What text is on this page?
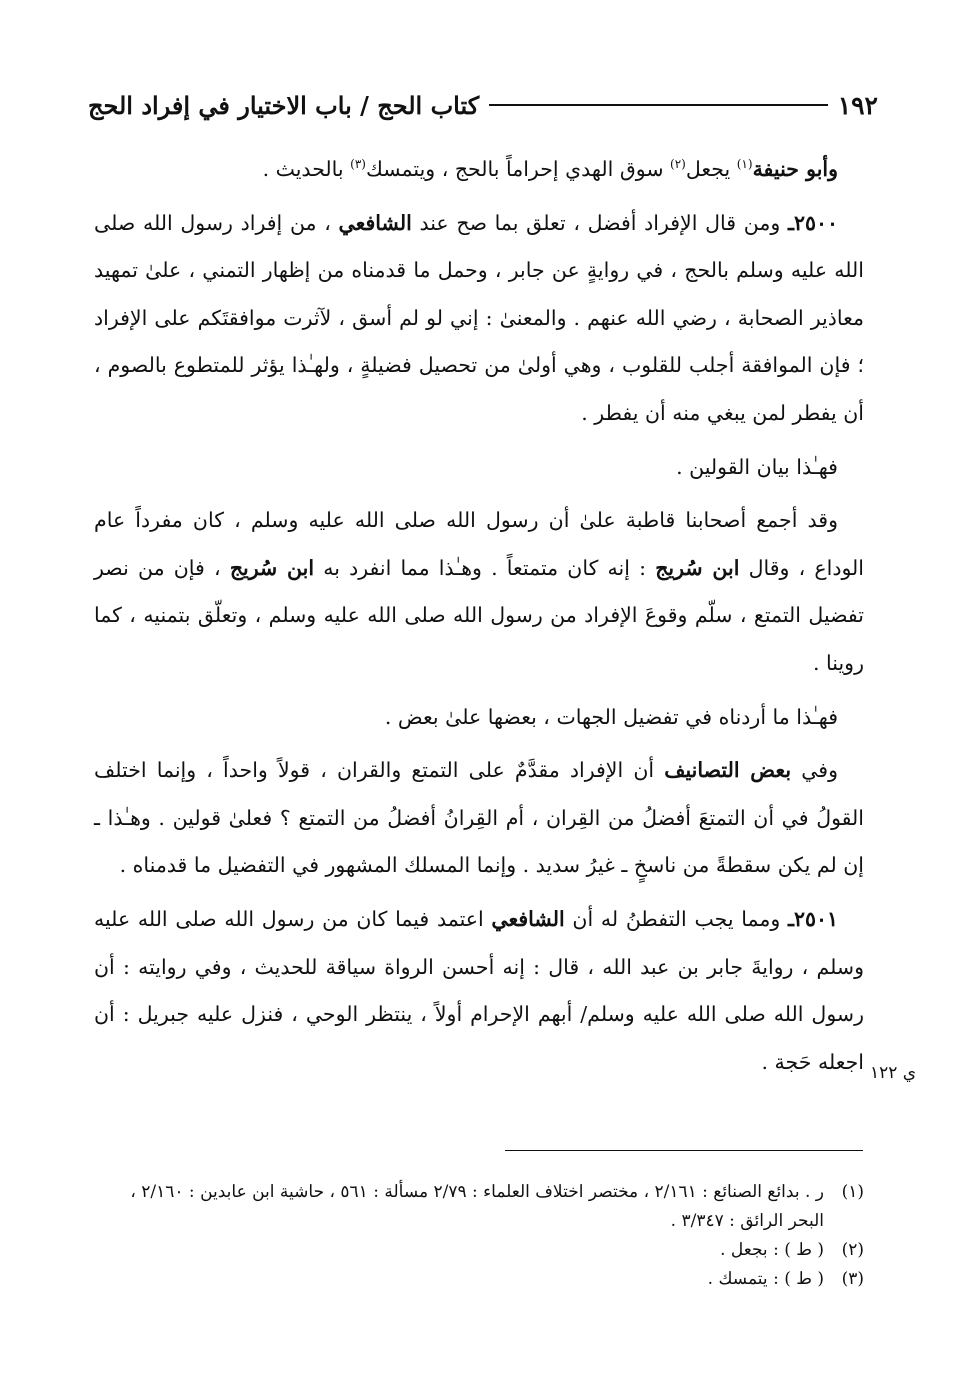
١٩٢
كتاب الحج / باب الاختيار في إفراد الحج

وأبو حنيفة$^{(١)}$ يجعل$^{(٢)}$ سوق الهدي إحراماً بالحج ، ويتمسك$^{(٣)}$ بالحديث .

٢٥٠٠ـ ومن قال الإفراد أفضل ، تعلق بما صح عند الشافعي ، من إفراد رسول الله صلى الله عليه وسلم بالحج ، في روايةٍ عن جابر ، وحمل ما قدمناه من إظهار التمني ، علىٰ تمهيد معاذير الصحابة ، رضي الله عنهم . والمعنىٰ : إني لو لم أسق ، لآثرت موافقتَكم على الإفراد ؛ فإن الموافقة أجلب للقلوب ، وهي أولىٰ من تحصيل فضيلةٍ ، ولهـٰذا يؤثر للمتطوع بالصوم ، أن يفطر لمن يبغي منه أن يفطر .

فهـٰذا بيان القولين .

وقد أجمع أصحابنا قاطبة علىٰ أن رسول الله صلى الله عليه وسلم ، كان مفرداً عام الوداع ، وقال ابن سُريج : إنه كان متمتعاً . وهـٰذا مما انفرد به ابن سُريج ، فإن من نصر تفضيل التمتع ، سلّم وقوعَ الإفراد من رسول الله صلى الله عليه وسلم ، وتعلّق بتمنيه ، كما روينا .

فهـٰذا ما أردناه في تفضيل الجهات ، بعضها علىٰ بعض .

وفي بعض التصانيف أن الإفراد مقدَّمٌ على التمتع والقران ، قولاً واحداً ، وإنما اختلف القولُ في أن التمتعَ أفضلُ من القِران ، أم القِرانُ أفضلُ من التمتع ؟ فعلىٰ قولين . وهـٰذا ـ إن لم يكن سقطةً من ناسخٍ ـ غيرُ سديد . وإنما المسلك المشهور في التفضيل ما قدمناه .

٢٥٠١ـ ومما يجب التفطنُ له أن الشافعي اعتمد فيما كان من رسول الله صلى الله عليه وسلم ، روايةَ جابر بن عبد الله ، قال : إنه أحسن الرواة سياقة للحديث ، وفي روايته : أن رسول الله صلى الله عليه وسلم/ أبهم الإحرام أولاً ، ينتظر الوحي ، فنزل عليه جبريل : أن اجعله حَجة . ي ١٢٢
(١)
ر . بدائع الصنائع : ٢/١٦١ ، مختصر اختلاف العلماء : ٢/٧٩ مسألة : ٥٦١ ، حاشية ابن عابدين : ٢/١٦٠ ، البحر الرائق : ٣/٣٤٧ .
(٢)
( ط ) : بجعل .
(٣)
( ط ) : يتمسك .
